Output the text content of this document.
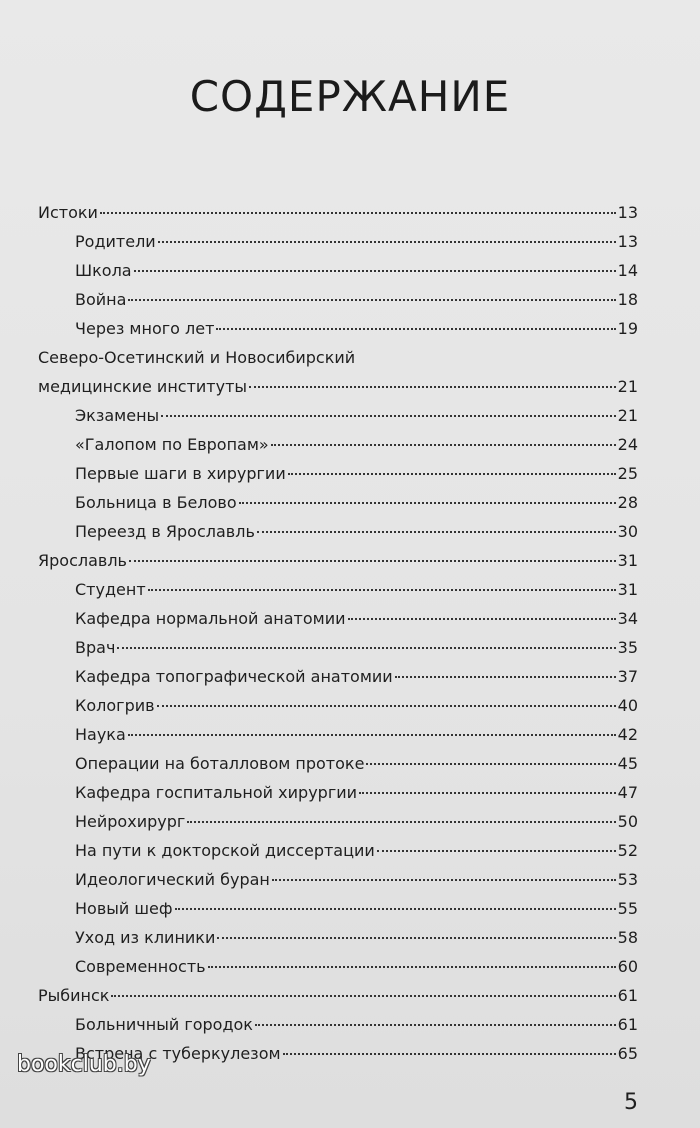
СОДЕРЖАНИЕ
Истоки	13
Родители	13
Школа	14
Война	18
Через много лет	19
Северо-Осетинский и Новосибирский
медицинские институты	21
Экзамены	21
«Галопом по Европам»	24
Первые шаги в хирургии	25
Больница в Белово	28
Переезд в Ярославль	30
Ярославль	31
Студент	31
Кафедра нормальной анатомии	34
Врач	35
Кафедра топографической анатомии	37
Кологрив	40
Наука	42
Операции на боталловом протоке	45
Кафедра госпитальной хирургии	47
Нейрохирург	50
На пути к докторской диссертации	52
Идеологический буран	53
Новый шеф	55
Уход из клиники	58
Современность	60
Рыбинск	61
Больничный городок	61
Встреча с туберкулезом	65
bookclub.by
5
